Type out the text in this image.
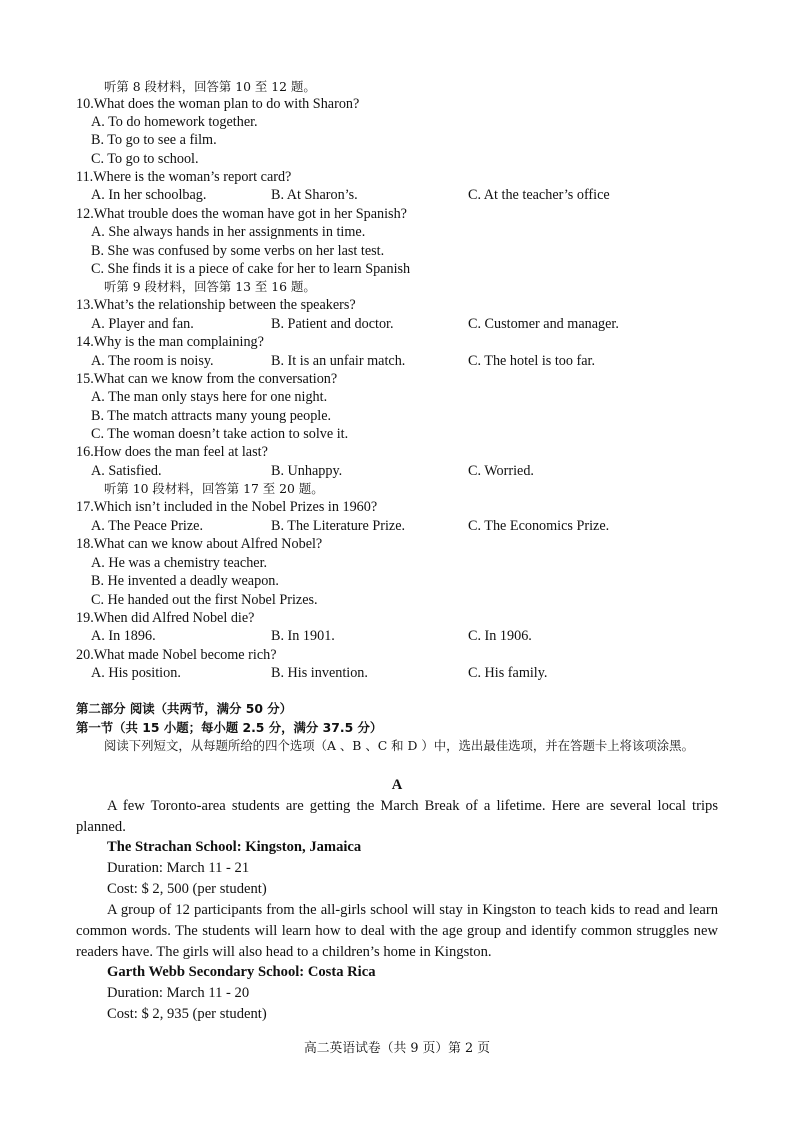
听第 8 段材料，回答第 10 至 12 题。
10.What does the woman plan to do with Sharon?
A. To do homework together.
B. To go to see a film.
C. To go to school.
11.Where is the woman’s report card?
A. In her schoolbag.	B. At Sharon’s.	C. At the teacher’s office
12.What trouble does the woman have got in her Spanish?
A. She always hands in her assignments in time.
B. She was confused by some verbs on her last test.
C. She finds it is a piece of cake for her to learn Spanish
听第 9 段材料，回答第 13 至 16 题。
13.What’s the relationship between the speakers?
A. Player and fan.	B. Patient and doctor.	C. Customer and manager.
14.Why is the man complaining?
A. The room is noisy.	B. It is an unfair match.	C. The hotel is too far.
15.What can we know from the conversation?
A. The man only stays here for one night.
B. The match attracts many young people.
C. The woman doesn’t take action to solve it.
16.How does the man feel at last?
A. Satisfied.	B. Unhappy.	C. Worried.
听第 10 段材料，回答第 17 至 20 题。
17.Which isn’t included in the Nobel Prizes in 1960?
A. The Peace Prize.	B. The Literature Prize.	C. The Economics Prize.
18.What can we know about Alfred Nobel?
A. He was a chemistry teacher.
B. He invented a deadly weapon.
C. He handed out the first Nobel Prizes.
19.When did Alfred Nobel die?
A. In 1896.	B. In 1901.	C. In 1906.
20.What made Nobel become rich?
A. His position.	B. His invention.	C. His family.
第二部分 阅读（共两节，满分 50 分）
第一节（共 15 小题；每小题 2.5 分，满分 37.5 分）
阅读下列短文，从每题所给的四个选项（A 、B 、C 和 D ）中，选出最佳选项，并在答题卡上将该项涂黑。
A
A few Toronto-area students are getting the March Break of a lifetime. Here are several local trips planned.
The Strachan School: Kingston, Jamaica
Duration: March 11 - 21
Cost: $ 2, 500 (per student)
A group of 12 participants from the all-girls school will stay in Kingston to teach kids to read and learn common words. The students will learn how to deal with the age group and identify common struggles new readers have. The girls will also head to a children’s home in Kingston.
Garth Webb Secondary School: Costa Rica
Duration: March 11 - 20
Cost: $ 2, 935 (per student)
高二英语试卷（共 9 页）第 2 页
